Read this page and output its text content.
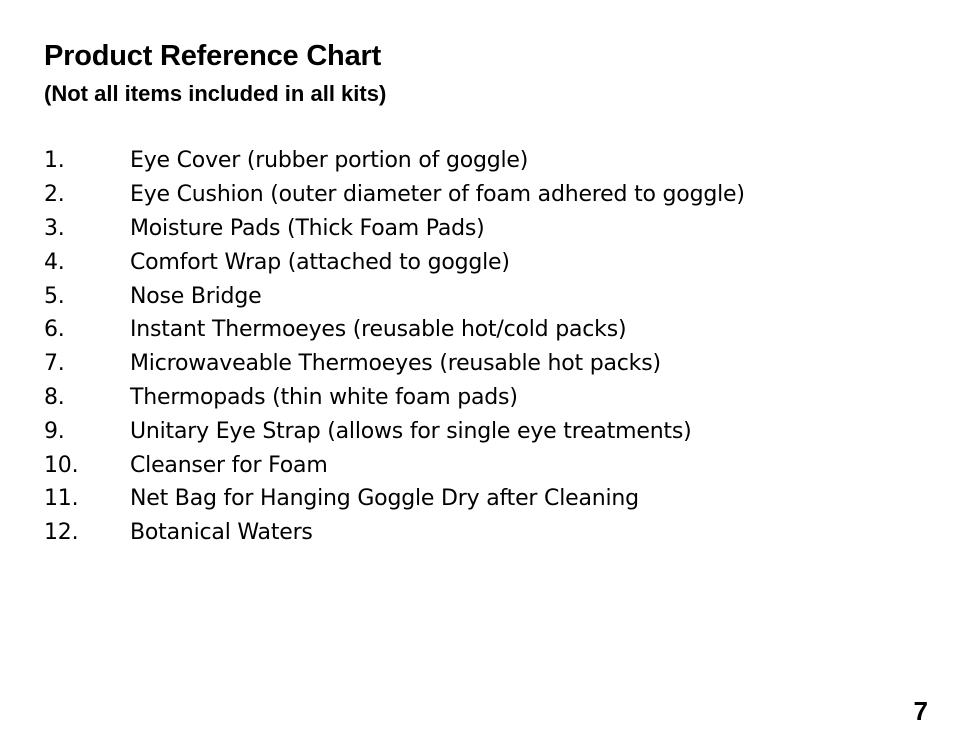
Product Reference Chart
(Not all items included in all kits)
1.	Eye Cover (rubber portion of goggle)
2.	Eye Cushion (outer diameter of foam adhered to goggle)
3.	Moisture Pads (Thick Foam Pads)
4.	Comfort Wrap (attached to goggle)
5.	Nose Bridge
6.	Instant Thermoeyes (reusable hot/cold packs)
7.	Microwaveable Thermoeyes (reusable hot packs)
8.	Thermopads (thin white foam pads)
9.	Unitary Eye Strap (allows for single eye treatments)
10.	Cleanser for Foam
11.	Net Bag for Hanging Goggle Dry after Cleaning
12.	Botanical Waters
7
